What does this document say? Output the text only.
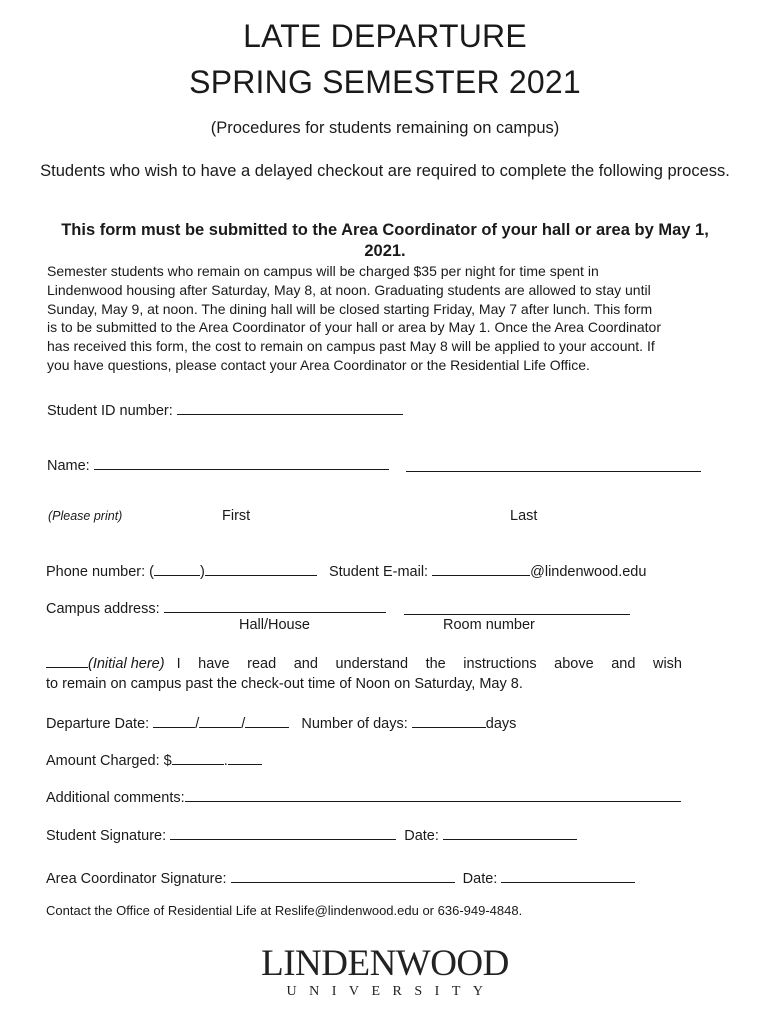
LATE DEPARTURE
SPRING SEMESTER 2021
(Procedures for students remaining on campus)
Students who wish to have a delayed checkout are required to complete the following process.
This form must be submitted to the Area Coordinator of your hall or area by May 1, 2021.
Semester students who remain on campus will be charged $35 per night for time spent in
Lindenwood housing after Saturday, May 8, at noon. Graduating students are allowed to stay until
Sunday, May 9, at noon. The dining hall will be closed starting Friday, May 7 after lunch. This form
is to be submitted to the Area Coordinator of your hall or area by May 1. Once the Area Coordinator
has received this form, the cost to remain on campus past May 8 will be applied to your account. If
you have questions, please contact your Area Coordinator or the Residential Life Office.
Student ID number:
Name:
(Please print)	First	Last
Phone number: (	)	Student E-mail:	@lindenwood.edu
Campus address:
Hall/House	Room number
(Initial here) I have read and understand the instructions above and wish
to remain on campus past the check-out time of Noon on Saturday, May 8.
Departure Date:	/	/	Number of days:	days
Amount Charged: $	.
Additional comments:
Student Signature:	Date:
Area Coordinator Signature:	Date:
Contact the Office of Residential Life at Reslife@lindenwood.edu or 636-949-4848.
LINDENWOOD
UNIVERSITY
